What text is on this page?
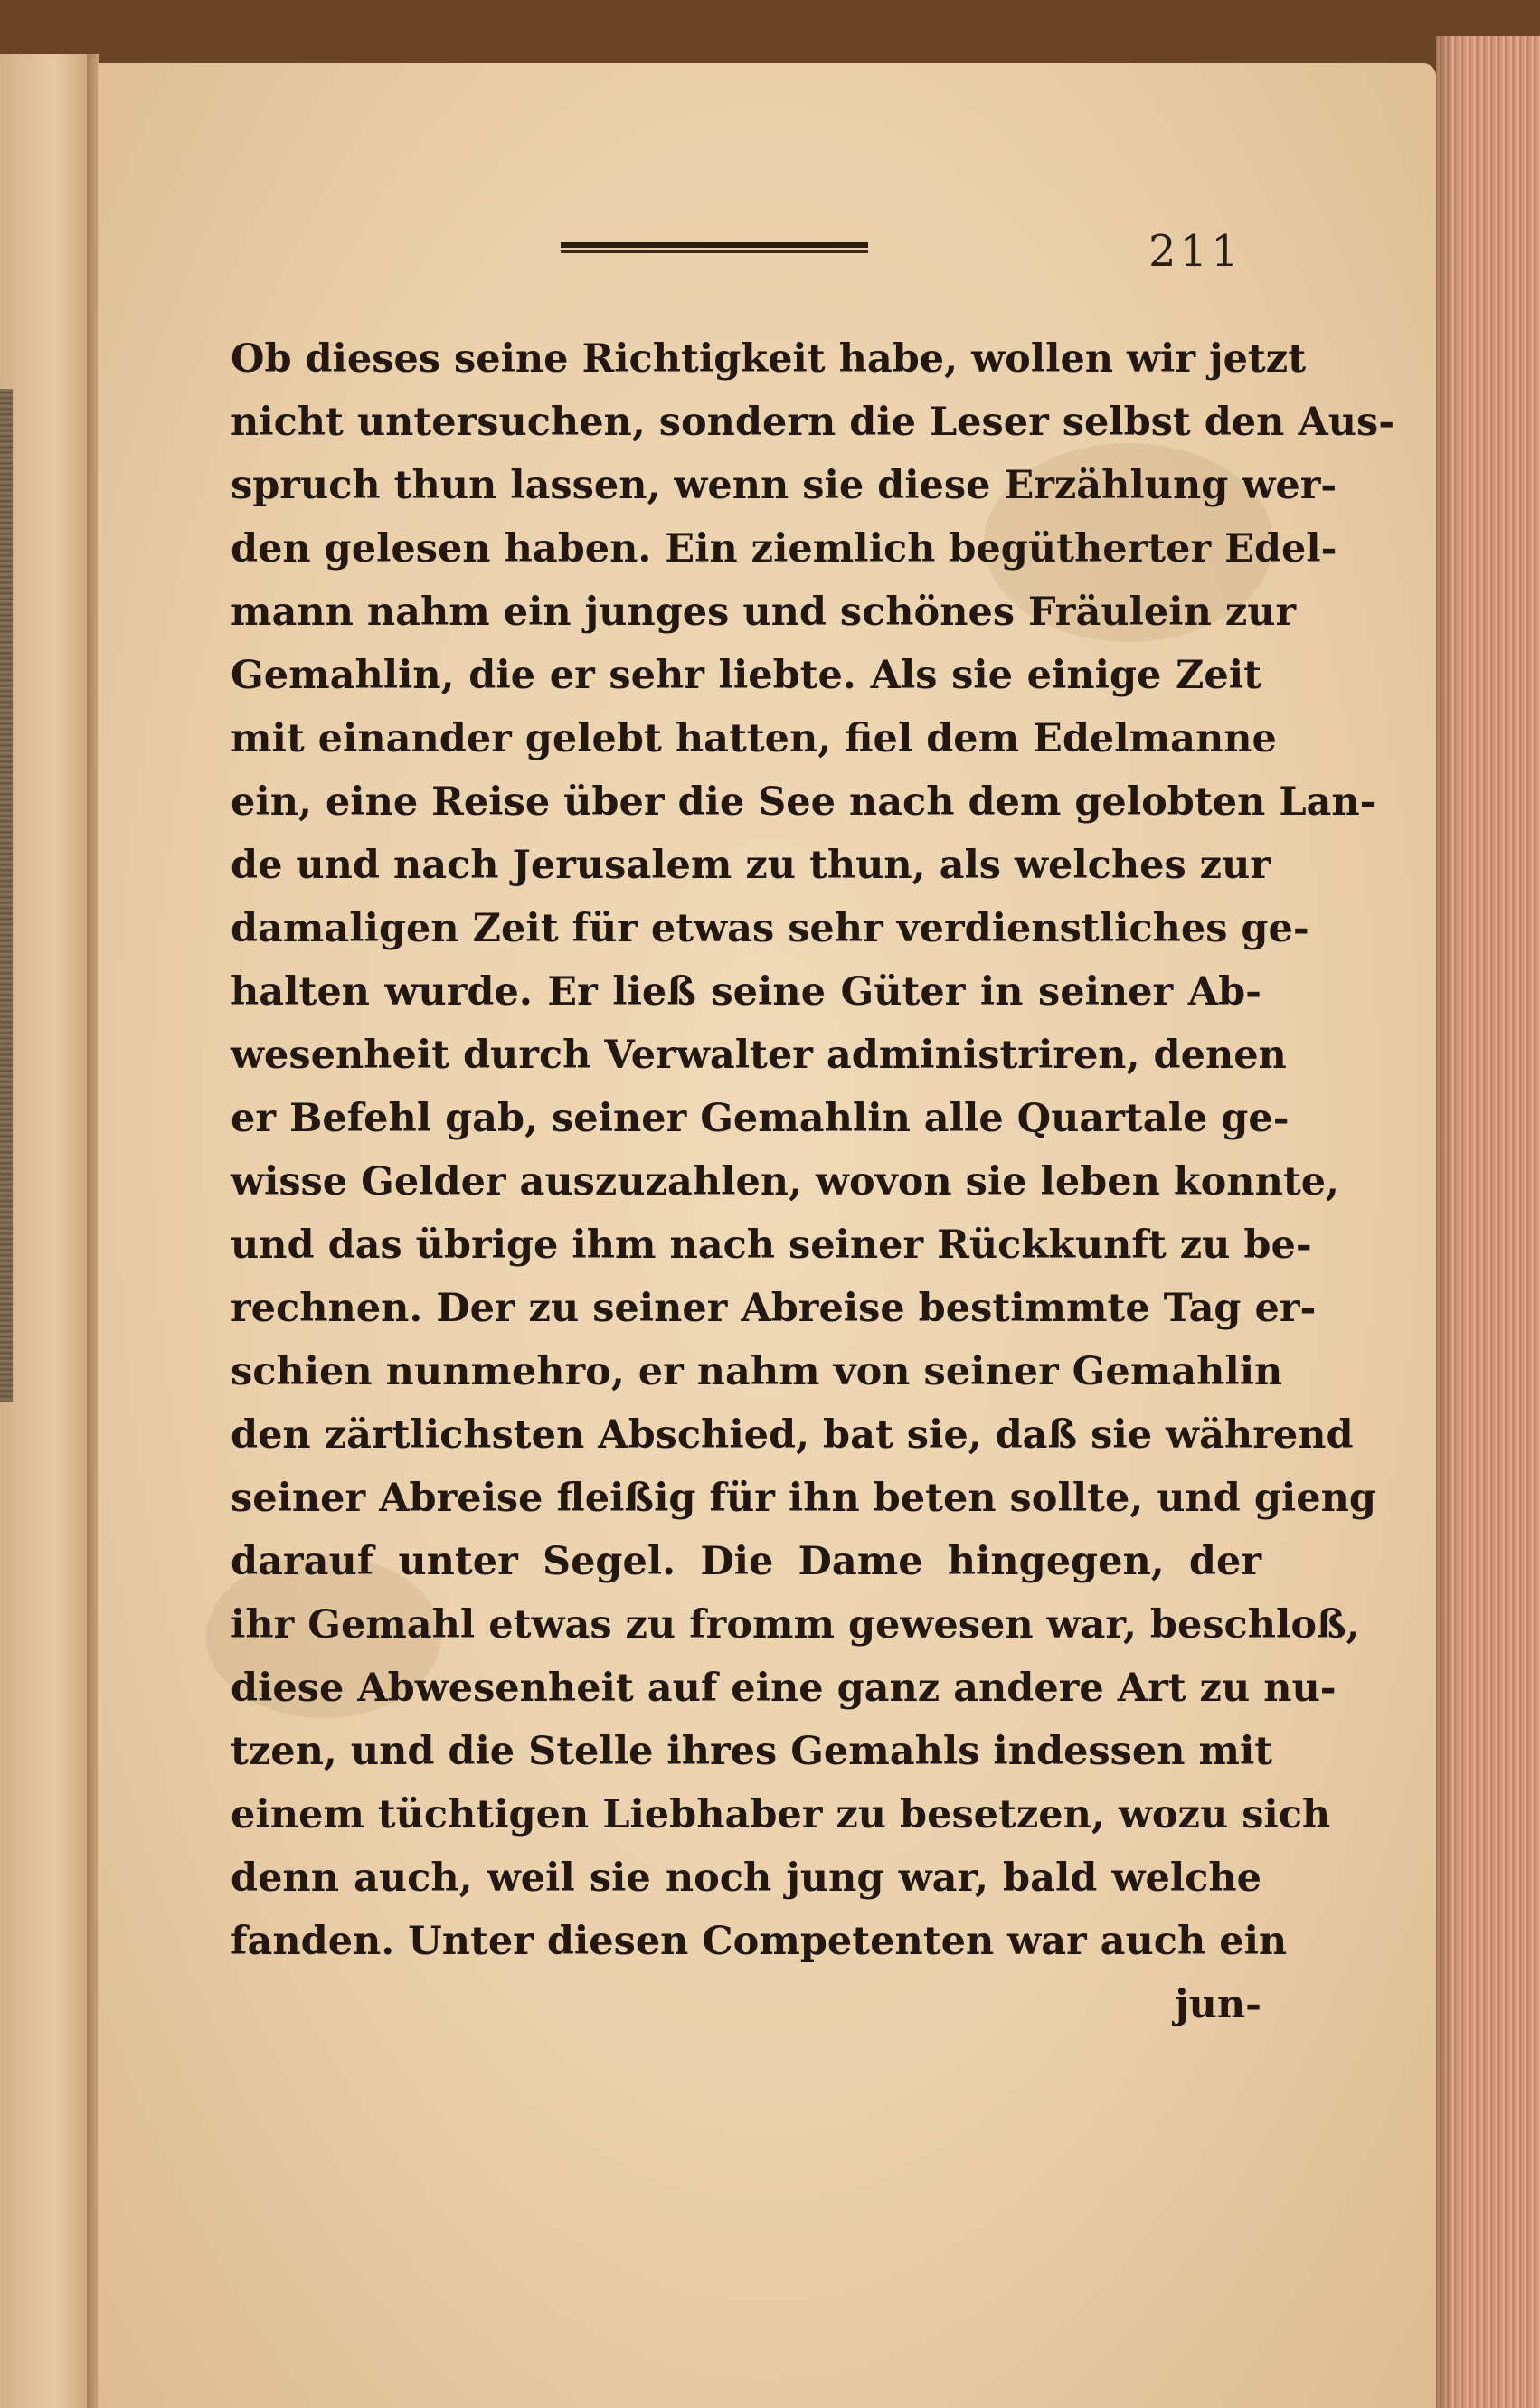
211
Ob dieses seine Richtigkeit habe, wollen wir jetzt
nicht untersuchen, sondern die Leser selbst den Aus-
spruch thun lassen, wenn sie diese Erzählung wer-
den gelesen haben. Ein ziemlich begütherter Edel-
mann nahm ein junges und schönes Fräulein zur
Gemahlin, die er sehr liebte. Als sie einige Zeit
mit einander gelebt hatten, fiel dem Edelmanne
ein, eine Reise über die See nach dem gelobten Lan-
de und nach Jerusalem zu thun, als welches zur
damaligen Zeit für etwas sehr verdienstliches ge-
halten wurde. Er ließ seine Güter in seiner Ab-
wesenheit durch Verwalter administriren, denen
er Befehl gab, seiner Gemahlin alle Quartale ge-
wisse Gelder auszuzahlen, wovon sie leben konnte,
und das übrige ihm nach seiner Rückkunft zu be-
rechnen. Der zu seiner Abreise bestimmte Tag er-
schien nunmehro, er nahm von seiner Gemahlin
den zärtlichsten Abschied, bat sie, daß sie während
seiner Abreise fleißig für ihn beten sollte, und gieng
darauf unter Segel. Die Dame hingegen, der
ihr Gemahl etwas zu fromm gewesen war, beschloß,
diese Abwesenheit auf eine ganz andere Art zu nu-
tzen, und die Stelle ihres Gemahls indessen mit
einem tüchtigen Liebhaber zu besetzen, wozu sich
denn auch, weil sie noch jung war, bald welche
fanden. Unter diesen Competenten war auch ein
jun-
